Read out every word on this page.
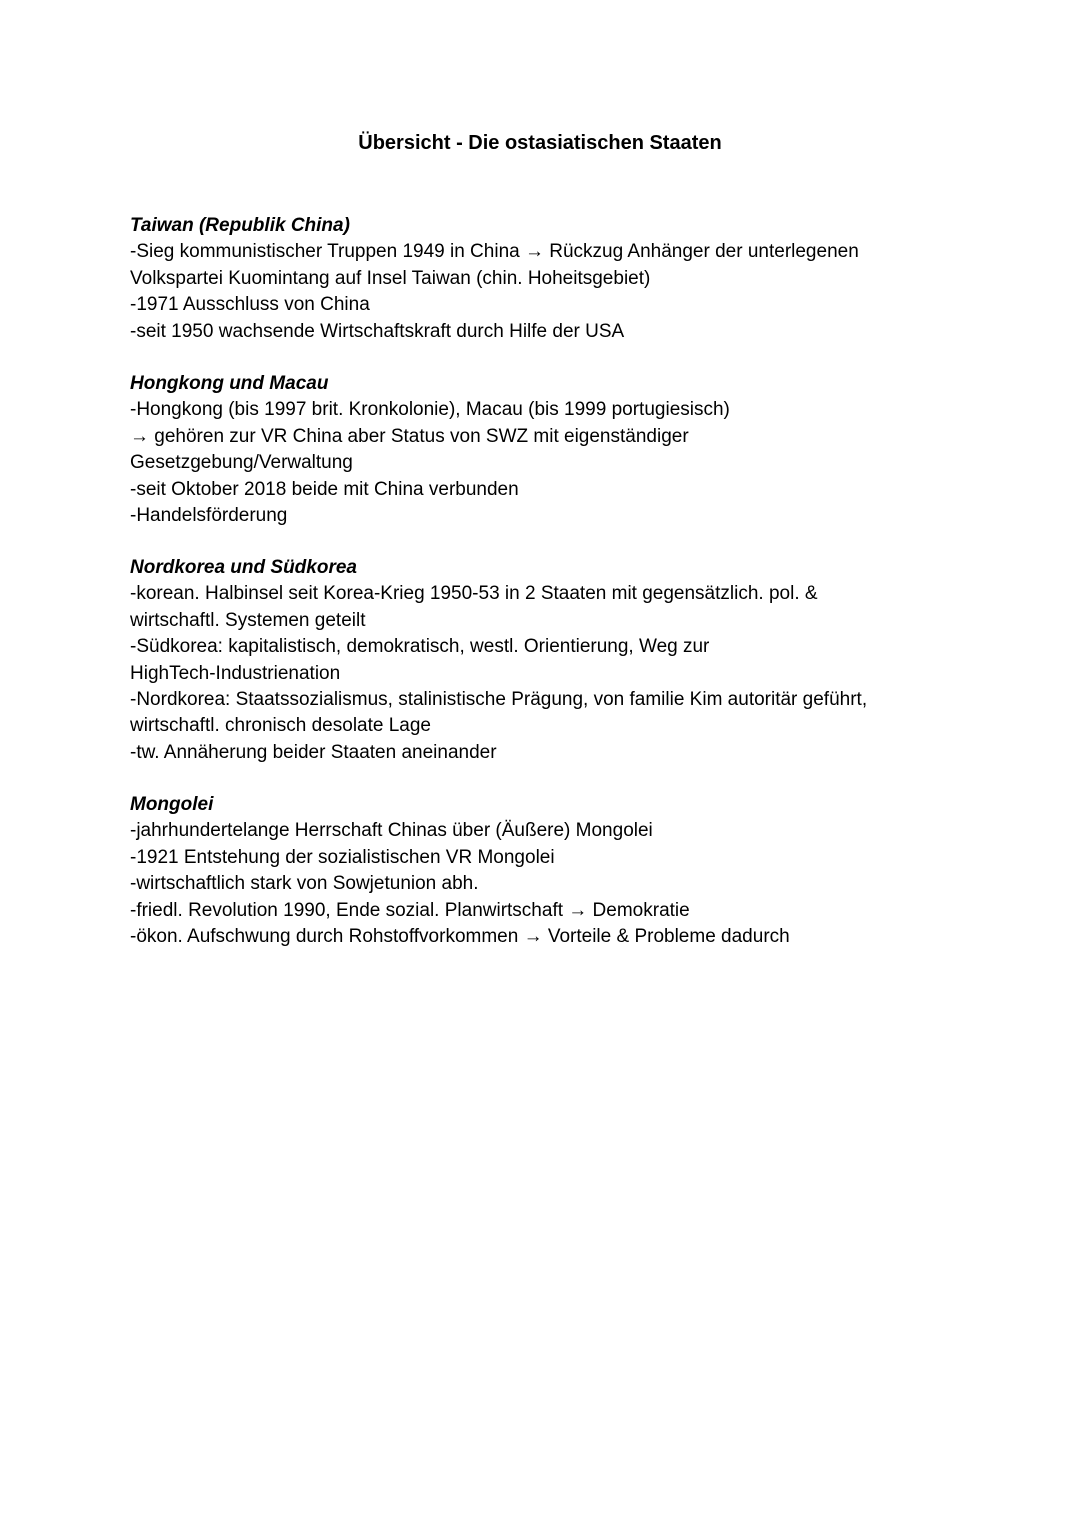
Übersicht - Die ostasiatischen Staaten
Taiwan (Republik China)
-Sieg kommunistischer Truppen 1949 in China → Rückzug Anhänger der unterlegenen
Volkspartei Kuomintang auf Insel Taiwan (chin. Hoheitsgebiet)
-1971 Ausschluss von China
-seit 1950 wachsende Wirtschaftskraft durch Hilfe der USA
Hongkong und Macau
-Hongkong (bis 1997 brit. Kronkolonie), Macau (bis 1999 portugiesisch)
→ gehören zur VR China aber Status von SWZ mit eigenständiger
Gesetzgebung/Verwaltung
-seit Oktober 2018 beide mit China verbunden
-Handelsförderung
Nordkorea und Südkorea
-korean. Halbinsel seit Korea-Krieg 1950-53 in 2 Staaten mit gegensätzlich. pol. &
wirtschaftl. Systemen geteilt
-Südkorea: kapitalistisch, demokratisch, westl. Orientierung, Weg zur
HighTech-Industrienation
-Nordkorea: Staatssozialismus, stalinistische Prägung, von familie Kim autoritär geführt,
wirtschaftl. chronisch desolate Lage
-tw. Annäherung beider Staaten aneinander
Mongolei
-jahrhundertelange Herrschaft Chinas über (Äußere) Mongolei
-1921 Entstehung der sozialistischen VR Mongolei
-wirtschaftlich stark von Sowjetunion abh.
-friedl. Revolution 1990, Ende sozial. Planwirtschaft → Demokratie
-ökon. Aufschwung durch Rohstoffvorkommen → Vorteile & Probleme dadurch
